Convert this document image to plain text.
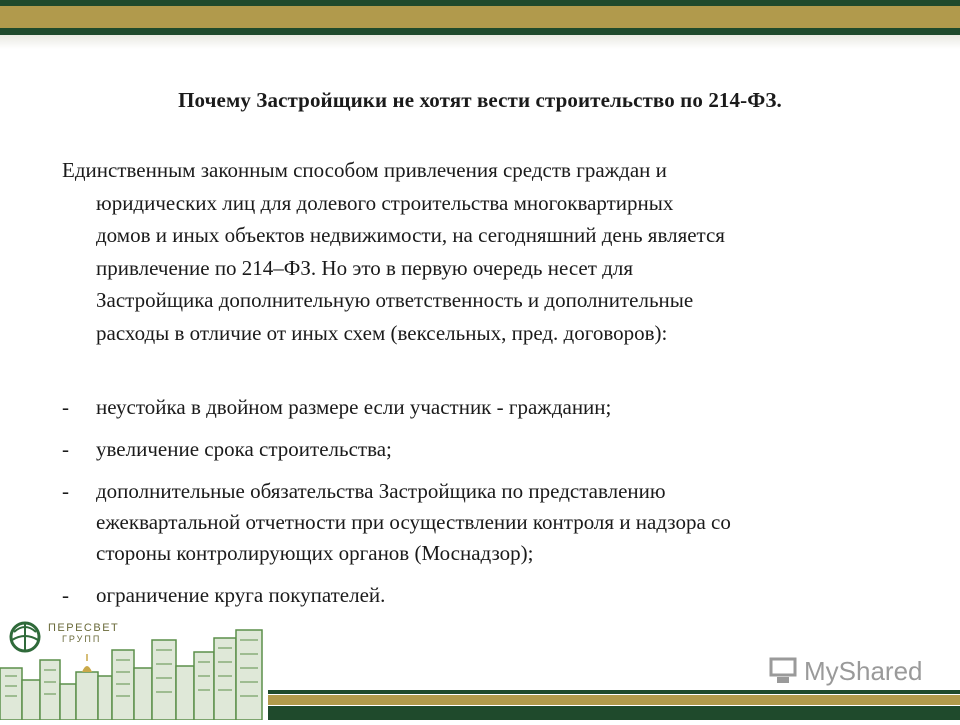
Почему Застройщики не хотят вести строительство по 214-ФЗ.
Единственным законным способом привлечения средств граждан и
юридических лиц для долевого строительства многоквартирных
домов и иных объектов недвижимости, на сегодняшний день является
привлечение по 214–ФЗ. Но это в первую очередь несет для
Застройщика дополнительную ответственность и дополнительные
расходы в отличие от иных схем (вексельных, пред. договоров):
- неустойка в двойном размере если участник - гражданин;
- увеличение срока строительства;
- дополнительные обязательства Застройщика по представлению
ежеквартальной отчетности при осуществлении контроля и надзора со
стороны контролирующих органов (Моснадзор);
- ограничение круга покупателей.
ПЕРЕСВЕТ
ГРУПП
MyShared
